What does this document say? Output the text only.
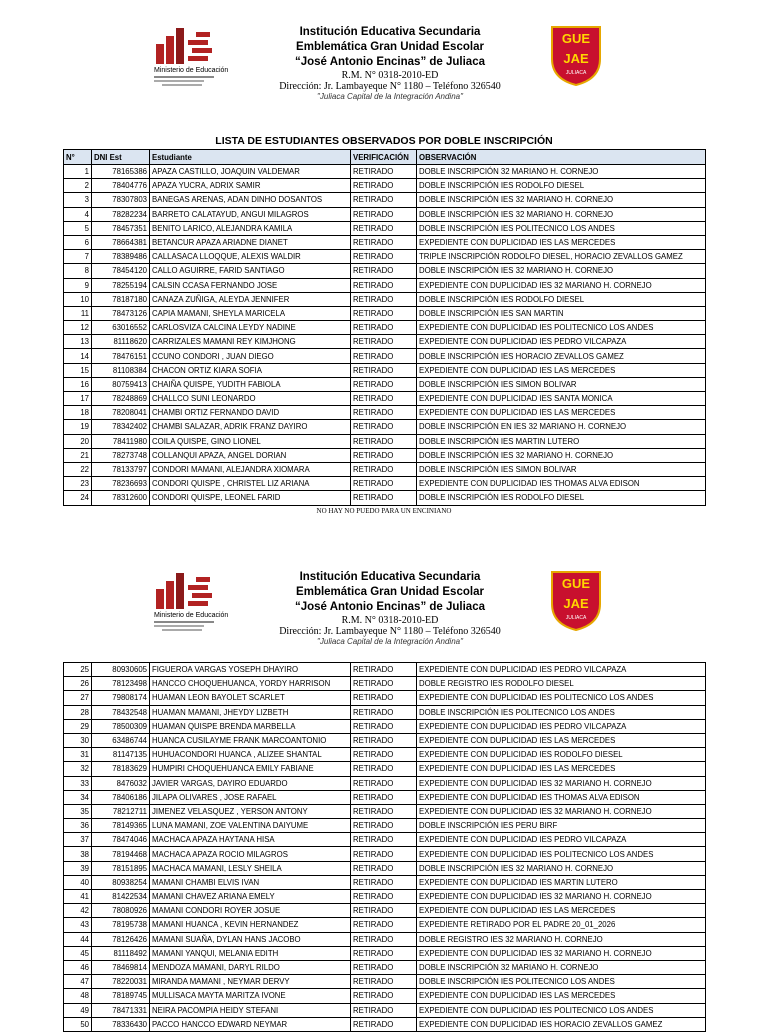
Ministerio de Educación
Institución Educativa Secundaria
Emblemática Gran Unidad Escolar
“José Antonio Encinas” de Juliaca
R.M. N° 0318-2010-ED
Dirección: Jr. Lambayeque N° 1180 – Teléfono 326540
"Juliaca Capital de la Integración Andina"
GUE
JAE
JULIACA
LISTA DE ESTUDIANTES OBSERVADOS POR DOBLE INSCRIPCIÓN
N°	DNI Est	Estudiante	VERIFICACIÓN	OBSERVACIÓN
1	78165386	APAZA CASTILLO, JOAQUIN VALDEMAR	RETIRADO	DOBLE INSCRIPCIÓN 32 MARIANO H. CORNEJO
2	78404776	APAZA YUCRA, ADRIX SAMIR	RETIRADO	DOBLE INSCRIPCIÓN IES RODOLFO DIESEL
3	78307803	BANEGAS ARENAS, ADAN DINHO DOSANTOS	RETIRADO	DOBLE INSCRIPCIÓN IES 32 MARIANO H. CORNEJO
4	78282234	BARRETO CALATAYUD, ANGUI MILAGROS	RETIRADO	DOBLE INSCRIPCIÓN IES 32 MARIANO H. CORNEJO
5	78457351	BENITO LARICO, ALEJANDRA KAMILA	RETIRADO	DOBLE INSCRIPCIÓN IES POLITECNICO LOS ANDES
6	78664381	BETANCUR APAZA ARIADNE DIANET	RETIRADO	EXPEDIENTE CON DUPLICIDAD IES LAS MERCEDES
7	78389486	CALLASACA LLOQQUE, ALEXIS WALDIR	RETIRADO	TRIPLE INSCRIPCIÓN RODOLFO DIESEL, HORACIO ZEVALLOS GAMEZ
8	78454120	CALLO AGUIRRE, FARID SANTIAGO	RETIRADO	DOBLE INSCRIPCIÓN IES 32 MARIANO H. CORNEJO
9	78255194	CALSIN CCASA FERNANDO JOSE	RETIRADO	EXPEDIENTE CON DUPLICIDAD IES 32 MARIANO H. CORNEJO
10	78187180	CANAZA ZUÑIGA, ALEYDA JENNIFER	RETIRADO	DOBLE INSCRIPCIÓN IES RODOLFO DIESEL
11	78473126	CAPIA MAMANI, SHEYLA MARICELA	RETIRADO	DOBLE INSCRIPCIÓN IES SAN MARTIN
12	63016552	CARLOSVIZA CALCINA LEYDY NADINE	RETIRADO	EXPEDIENTE CON DUPLICIDAD IES POLITECNICO LOS ANDES
13	81118620	CARRIZALES MAMANI REY KIMJHONG	RETIRADO	EXPEDIENTE CON DUPLICIDAD IES PEDRO VILCAPAZA
14	78476151	CCUNO CONDORI , JUAN DIEGO	RETIRADO	DOBLE INSCRIPCIÓN IES HORACIO ZEVALLOS GAMEZ
15	81108384	CHACON ORTIZ KIARA SOFIA	RETIRADO	EXPEDIENTE CON DUPLICIDAD IES LAS MERCEDES
16	80759413	CHAIÑA QUISPE, YUDITH FABIOLA	RETIRADO	DOBLE INSCRIPCIÓN IES SIMON BOLIVAR
17	78248869	CHALLCO SUNI LEONARDO	RETIRADO	EXPEDIENTE CON DUPLICIDAD IES SANTA MONICA
18	78208041	CHAMBI ORTIZ FERNANDO DAVID	RETIRADO	EXPEDIENTE CON DUPLICIDAD IES LAS MERCEDES
19	78342402	CHAMBI SALAZAR, ADRIK FRANZ DAYIRO	RETIRADO	DOBLE INSCRIPCIÓN EN IES 32 MARIANO H. CORNEJO
20	78411980	COILA QUISPE, GINO LIONEL	RETIRADO	DOBLE INSCRIPCIÓN IES MARTIN LUTERO
21	78273748	COLLANQUI APAZA, ANGEL DORIAN	RETIRADO	DOBLE INSCRIPCIÓN IES 32 MARIANO H. CORNEJO
22	78133797	CONDORI MAMANI, ALEJANDRA XIOMARA	RETIRADO	DOBLE INSCRIPCIÓN IES SIMON BOLIVAR
23	78236693	CONDORI QUISPE , CHRISTEL LIZ ARIANA	RETIRADO	EXPEDIENTE CON DUPLICIDAD IES THOMAS ALVA EDISON
24	78312600	CONDORI QUISPE, LEONEL FARID	RETIRADO	DOBLE INSCRIPCIÓN IES RODOLFO DIESEL
NO HAY NO PUEDO PARA UN ENCINIANO
Ministerio de Educación
Institución Educativa Secundaria
Emblemática Gran Unidad Escolar
“José Antonio Encinas” de Juliaca
R.M. N° 0318-2010-ED
Dirección: Jr. Lambayeque N° 1180 – Teléfono 326540
"Juliaca Capital de la Integración Andina"
GUE
JAE
JULIACA
25	80930605	FIGUEROA VARGAS YOSEPH DHAYIRO	RETIRADO	EXPEDIENTE CON DUPLICIDAD IES PEDRO VILCAPAZA
26	78123498	HANCCO CHOQUEHUANCA, YORDY HARRISON	RETIRADO	DOBLE REGISTRO IES RODOLFO DIESEL
27	79808174	HUAMAN LEON BAYOLET SCARLET	RETIRADO	EXPEDIENTE CON DUPLICIDAD IES POLITECNICO LOS ANDES
28	78432548	HUAMAN MAMANI, JHEYDY LIZBETH	RETIRADO	DOBLE INSCRIPCIÓN IES POLITECNICO LOS ANDES
29	78500309	HUAMAN QUISPE BRENDA MARBELLA	RETIRADO	EXPEDIENTE CON DUPLICIDAD IES PEDRO VILCAPAZA
30	63486744	HUANCA CUSILAYME FRANK MARCOANTONIO	RETIRADO	EXPEDIENTE CON DUPLICIDAD IES LAS MERCEDES
31	81147135	HUHUACONDORI HUANCA , ALIZEE SHANTAL	RETIRADO	EXPEDIENTE CON DUPLICIDAD IES RODOLFO DIESEL
32	78183629	HUMPIRI CHOQUEHUANCA EMILY FABIANE	RETIRADO	EXPEDIENTE CON DUPLICIDAD IES LAS MERCEDES
33	8476032	JAVIER VARGAS, DAYIRO EDUARDO	RETIRADO	EXPEDIENTE CON DUPLICIDAD IES 32 MARIANO H. CORNEJO
34	78406186	JILAPA OLIVARES , JOSE RAFAEL	RETIRADO	EXPEDIENTE CON DUPLICIDAD IES THOMAS ALVA EDISON
35	78212711	JIMENEZ VELASQUEZ , YERSON ANTONY	RETIRADO	EXPEDIENTE CON DUPLICIDAD IES 32 MARIANO H. CORNEJO
36	78149365	LUNA MAMANI, ZOE VALENTINA DAIYUME	RETIRADO	DOBLE INSCRIPCIÓN IES PERU BIRF
37	78474046	MACHACA APAZA HAYTANA HISA	RETIRADO	EXPEDIENTE CON DUPLICIDAD IES PEDRO VILCAPAZA
38	78194468	MACHACA APAZA ROCIO MILAGROS	RETIRADO	EXPEDIENTE CON DUPLICIDAD IES POLITECNICO LOS ANDES
39	78151895	MACHACA MAMANI, LESLY SHEILA	RETIRADO	DOBLE INSCRIPCIÓN IES 32 MARIANO H. CORNEJO
40	80938254	MAMANI CHAMBI ELVIS IVAN	RETIRADO	EXPEDIENTE CON DUPLICIDAD IES MARTIN LUTERO
41	81422534	MAMANI CHAVEZ ARIANA EMELY	RETIRADO	EXPEDIENTE CON DUPLICIDAD IES 32 MARIANO H. CORNEJO
42	78080926	MAMANI CONDORI ROYER JOSUE	RETIRADO	EXPEDIENTE CON DUPLICIDAD IES LAS MERCEDES
43	78195738	MAMANI HUANCA , KEVIN HERNANDEZ	RETIRADO	EXPEDIENTE RETIRADO POR EL PADRE 20_01_2026
44	78126426	MAMANI SUAÑA, DYLAN HANS JACOBO	RETIRADO	DOBLE REGISTRO IES 32 MARIANO H. CORNEJO
45	81118492	MAMANI YANQUI, MELANIA EDITH	RETIRADO	EXPEDIENTE CON DUPLICIDAD IES 32 MARIANO H. CORNEJO
46	78469814	MENDOZA MAMANI, DARYL RILDO	RETIRADO	DOBLE INSCRIPCIÓN 32 MARIANO H. CORNEJO
47	78220031	MIRANDA MAMANI , NEYMAR DERVY	RETIRADO	DOBLE INSCRIPCIÓN IES POLITECNICO LOS ANDES
48	78189745	MULLISACA MAYTA MARITZA IVONE	RETIRADO	EXPEDIENTE CON DUPLICIDAD IES LAS MERCEDES
49	78471331	NEIRA PACOMPIA HEIDY STEFANI	RETIRADO	EXPEDIENTE CON DUPLICIDAD IES POLITECNICO LOS ANDES
50	78336430	PACCO HANCCO EDWARD NEYMAR	RETIRADO	EXPEDIENTE CON DUPLICIDAD IES HORACIO ZEVALLOS GAMEZ
